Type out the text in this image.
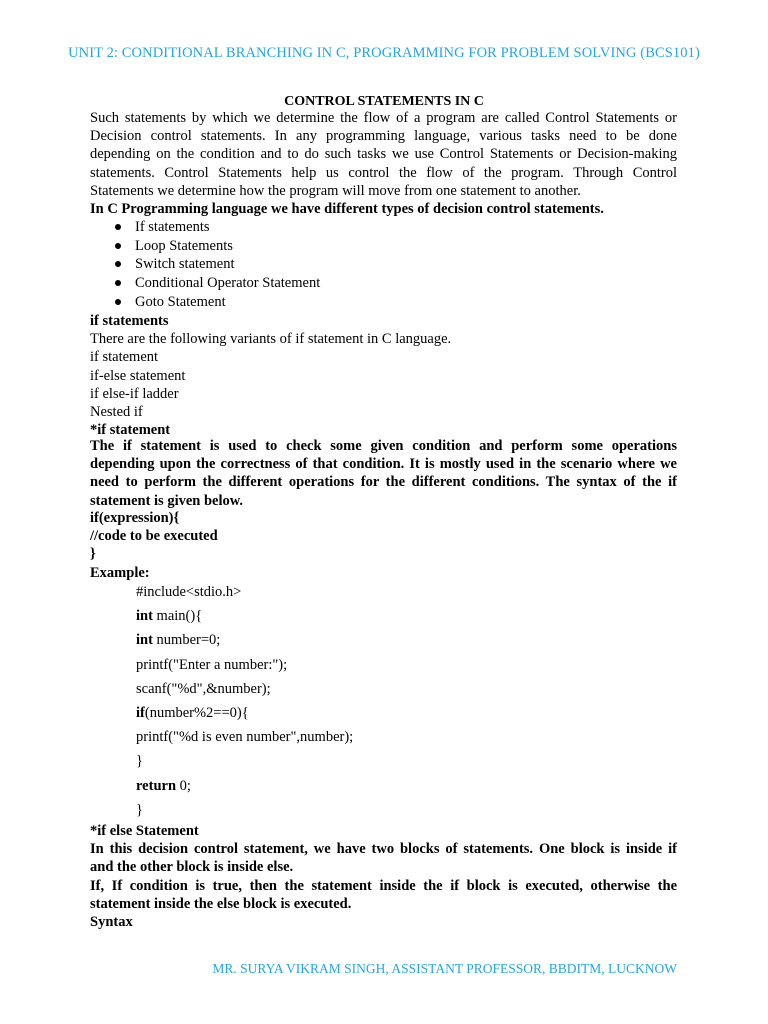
UNIT 2: CONDITIONAL BRANCHING IN C, PROGRAMMING FOR PROBLEM SOLVING (BCS101)
CONTROL STATEMENTS IN C
Such statements by which we determine the flow of a program are called Control Statements or
Decision control statements. In any programming language, various tasks need to be done
depending on the condition and to do such tasks we use Control Statements or Decision-making
statements. Control Statements help us control the flow of the program. Through Control
Statements we determine how the program will move from one statement to another.
In C Programming language we have different types of decision control statements.
If statements
Loop Statements
Switch statement
Conditional Operator Statement
Goto Statement
if statements
There are the following variants of if statement in C language.
if statement
if-else statement
if else-if ladder
Nested if
*if statement
The if statement is used to check some given condition and perform some operations
depending upon the correctness of that condition. It is mostly used in the scenario where we
need to perform the different operations for the different conditions. The syntax of the if
statement is given below.
if(expression){
//code to be executed
}
Example:
#include<stdio.h>
int main(){
int number=0;
printf("Enter a number:");
scanf("%d",&number);
if(number%2==0){
printf("%d is even number",number);
}
return 0;
}
*if else Statement
In this decision control statement, we have two blocks of statements. One block is inside if
and the other block is inside else.
If, If condition is true, then the statement inside the if block is executed, otherwise the
statement inside the else block is executed.
Syntax
MR. SURYA VIKRAM SINGH, ASSISTANT PROFESSOR, BBDITM, LUCKNOW
